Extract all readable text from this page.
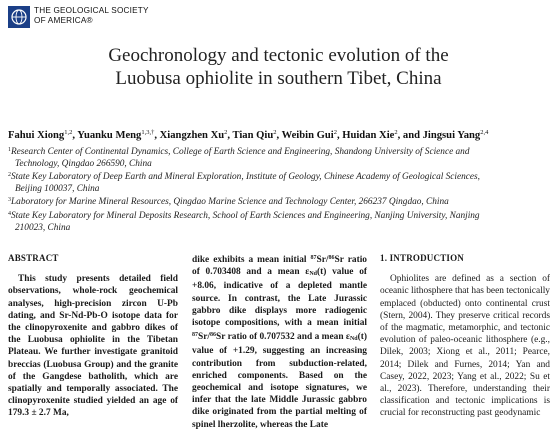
THE GEOLOGICAL SOCIETY
OF AMERICA®
Geochronology and tectonic evolution of the
Luobusa ophiolite in southern Tibet, China
Fahui Xiong$^{1,2}$, Yuanku Meng$^{1,3,\dagger}$, Xiangzhen Xu$^2$, Tian Qiu$^2$, Weibin Gui$^2$, Huidan Xie$^2$, and Jingsui Yang$^{2,4}$
$^1$Research Center of Continental Dynamics, College of Earth Science and Engineering, Shandong University of Science and
Technology, Qingdao 266590, China
$^2$State Key Laboratory of Deep Earth and Mineral Exploration, Institute of Geology, Chinese Academy of Geological Sciences,
Beijing 100037, China
$^3$Laboratory for Marine Mineral Resources, Qingdao Marine Science and Technology Center, 266237 Qingdao, China
$^4$State Key Laboratory for Mineral Deposits Research, School of Earth Sciences and Engineering, Nanjing University, Nanjing
210023, China
ABSTRACT
This study presents detailed field observations, whole-rock geochemical analyses, high-precision zircon U-Pb dating, and Sr-Nd-Pb-O isotope data for the clinopyroxenite and gabbro dikes of the Luobusa ophiolite in the Tibetan Plateau. We further investigate granitoid breccias (Luobusa Group) and the granite of the Gangdese batholith, which are spatially and temporally associated. The clinopyroxenite studied yielded an age of 179.3 ± 2.7 Ma,
dike exhibits a mean initial $^{87}$Sr/$^{86}$Sr ratio of 0.703408 and a mean $\varepsilon_{Nd}(t)$ value of +8.06, indicative of a depleted mantle source. In contrast, the Late Jurassic gabbro dike displays more radiogenic isotope compositions, with a mean initial $^{87}$Sr/$^{86}$Sr ratio of 0.707532 and a mean $\varepsilon_{Nd}(t)$ value of +1.29, suggesting an increasing contribution from subduction-related, enriched components. Based on the geochemical and isotope signatures, we infer that the late Middle Jurassic gabbro dike originated from the partial melting of spinel lherzolite, whereas the Late
1. INTRODUCTION
Ophiolites are defined as a section of oceanic lithosphere that has been tectonically emplaced (obducted) onto continental crust (Stern, 2004). They preserve critical records of the magmatic, metamorphic, and tectonic evolution of paleo-oceanic lithosphere (e.g., Dilek, 2003; Xiong et al., 2011; Pearce, 2014; Dilek and Furnes, 2014; Yan and Casey, 2022, 2023; Yang et al., 2022; Su et al., 2023). Therefore, understanding their classification and tectonic implications is crucial for reconstructing past geodynamic
